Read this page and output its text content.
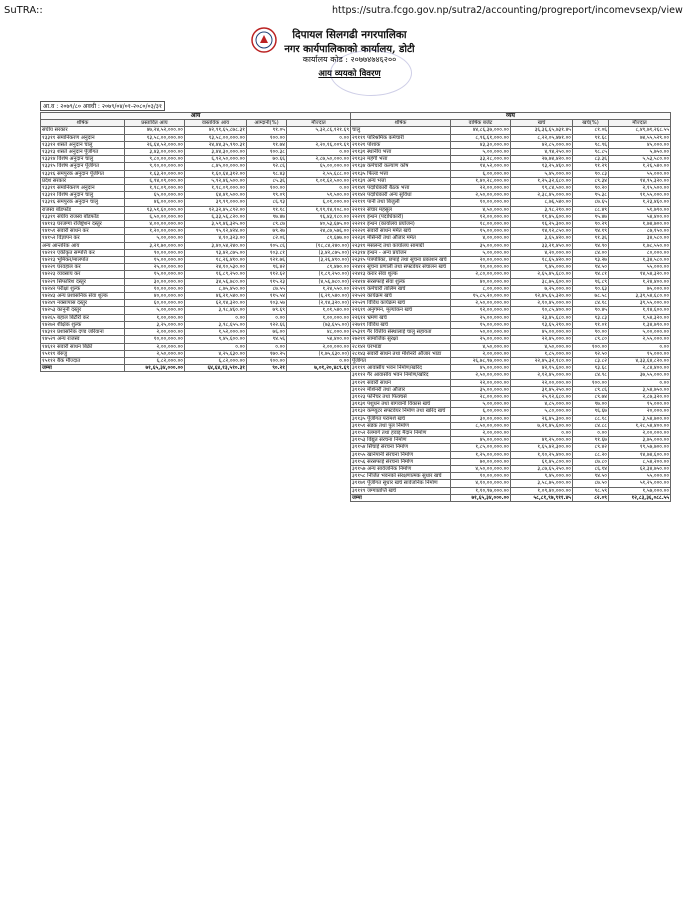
SuTRA::	https://sutra.fcgo.gov.np/sutra2/accounting/progreport/incomevsexp/view
दिपायल सिलगढी नगरपालिका
नगर कार्यपालिकाको कार्यालय, डोटी
कार्यालय कोड : २०७७४७४६२००
आय व्ययको विवरण
आ.व : २०७९/८० अवधी : २०७९/०४/०१-२०८०/०३/३१
आय				
शीर्षक	प्रस्तावित आय	वास्तविक आय	आम्दानी(%)	मौज्दात
संघीय सरकार	४७,२४,५२,०००.००	४२,९१,६५,८७८.३१	९१.०५	५,३२,८६,१२१.६९
१३३११ समानिकरण अनुदान	१३,५८,००,०००.००	१३,५८,००,०००.००	१००.००	०.००
१३३१२ शसर्त अनुदान चालु	२६,६४,५२,०००.००	२४,४४,३५,९९०.३१	९१.७४	२,२०,१६,००९.६९
१३३१३ शसर्त अनुदान पूँजीगत	३,४३,००,०००.००	३,४४,३०,०००.००	१००.३८	०.००
१३३१४ विशेष अनुदान चालु	९,८०,००,०००.००	६,९२,५०,०००.००	७०.६६	२,८७,५०,०००.००
१३३१५ विशेष अनुदान पूँजीगत	९,१०,००,०००.००	८,४५,००,०००.००	९२.८६	६५,००,०००.००
१३३१६ समपुरक अनुदान पूँजीगत	१,६३,२०,०००.००	१,६०,६४,३१२.००	९८.४३	२,५५,६८८.००
प्रदेश सरकार	६,९४,०९,०००.००	५,९२,४६,५००.००	८५.३६	१,०१,६२,५००.००
१३३११ समानिकरण अनुदान	१,९८,०९,०००.००	१,९८,०९,०००.००	१००.००	०.००
१३३१२ विशेष अनुदान चालु	६५,००,०००.००	६४,४१,५००.००	९९.०९	५९,५००.००
१३३१६ समपुरक अनुदान चालु	४६,००,०००.००	३९,९९,०००.००	८६.९३	६,०१,०००.००
राजस्व बाँडफाँड	१३,५१,६०,०००.००	१२,३२,४५,८९२.००	९१.१८	१,१९,१४,१०८.००
१३३११ संघीय राजस्व बाँडफाँड	६,५०,००,०००.००	६,३३,५६,८२०.००	९७.४७	१६,४३,१८०.००
१४११३ घरजग्गा रजिष्ट्रेशन दस्तुर	४,००,००,०००.००	३,५९,४६,३२५.००	८९.८७	४०,५३,६७५.००
१४१५१ सवारी साधन कर	१,२०,००,०००.००	९५,१२,४२४.००	७९.२७	२४,८७,५७६.००
१४१५२ विज्ञापन कर	५,००,०००.००	४,१०,३२३.००	८२.०६	८९,६७७.००
अन्य आन्तरिक आय	३,२१,७०,०००.००	३,४०,५४,२४०.००	१०५.८६	(१८,८४,२४०.००)
१४२१२ एकीकृत सम्पत्ति कर	९०,००,०००.००	९३,४२,८७५.००	१०३.८१	(३,४२,८७५.००)
१४२१३ भूमिकर/मालपोत	१५,००,०००.००	१८,२६,४१०.००	१२१.७६	(३,२६,४१०.००)
१४२२१ घरवहाल कर	२५,००,०००.००	२४,१०,५३०.००	९६.४२	८९,४७०.००
१४२२३ व्यवसाय कर	१५,००,०००.००	१६,८९,२५०.००	११२.६२	(१,८९,२५०.००)
१४२२९ सिफारिश दस्तुर	३०,००,०००.००	३४,५६,७८०.००	११५.२३	(४,५६,७८०.००)
१४२४२ परीक्षा शुल्क	१०,००,०००.००	८,७५,४५०.००	८७.५५	१,२४,५५०.००
१४२४३ अन्य प्रशासनिक सेवा शुल्क	४०,००,०००.००	४६,२१,५४०.००	११५.५४	(६,२१,५४०.००)
१४२४९ नक्सापास दस्तुर	६०,००,०००.००	६२,१४,३२०.००	१०३.५७	(२,१४,३२०.००)
१४२५३ कानुनी दस्तुर	५,००,०००.००	३,९८,४६०.००	७९.६९	१,०१,५४०.००
१४२६५ बहाल बिटौरी कर	१,००,०००.००	०.००	०.००	१,००,०००.००
१४२७२ शैक्षिक शुल्क	३,२५,०००.००	३,९८,६५५.००	१२२.६६	(७३,६५५.००)
१४३१२ प्रशासनिक दण्ड जरिवाना	२,००,०००.००	१,५२,०००.००	७६.००	४८,०००.००
१४५२९ अन्य राजस्व	१०,००,०००.००	९,४५,६००.००	९४.५६	५४,४००.००
१४६१२ सवारी साधन बिक्री	२,००,०००.००	०.००	०.००	२,००,०००.००
१५१११ बेरुजु	२,५०,०००.००	४,२५,६३०.००	१७०.२५	(१,७५,६३०.००)
१५११२ बैंक मौज्दात	६,८२,०००.००	६,८२,०००.००	१००.००	०.००
जम्मा	७१,६५,३४,०००.००	६४,६४,१३,५१०.३१	९०.२१	७,०१,२०,४८९.६९
व्यय				
शीर्षक	वार्षिक बजेट	खर्च	खर्च(%)	मौज्दात
चालु	४४,८६,३७,०००.००	३६,३६,६५,७३१.४५	८१.०६	८,४९,७१,२६८.५५
२११११ पारिश्रमिक कर्मचारी	८,९६,६१,०००.००	८,२२,०५,४७१.००	९१.६८	७४,५५,५२९.००
२११२१ पोशाक	४३,३०,०००.००	४२,८५,०००.००	९८.९६	४५,०००.००
२११३१ स्थानीय भत्ता	५,००,०००.००	४,९४,२५०.००	९८.८५	५,७५०.००
२११३२ महंगी भत्ता	३३,२८,०००.००	२७,७४,४२०.००	८३.३६	५,५३,५८०.००
२११३४ कर्मचारी कल्याण कोष	१४,५२,०००.००	१३,२५,४६०.००	९१.२९	१,२६,५४०.००
२११३५ फिल्ड भत्ता	६,००,०००.००	५,४५,०००.००	९०.८३	५५,०००.००
२११३९ अन्य भत्ता	१,४०,२८,०००.००	१,२५,३२,६८०.००	८९.३४	१४,९५,३२०.००
२११४१ पदाधिकारी बैठक भत्ता	२२,००,०००.००	१९,८४,५००.००	९०.२०	२,१५,५००.००
२११४२ पदाधिकारी अन्य सुविधा	२,५०,००,०००.००	२,३८,४५,०००.००	९५.३८	११,५५,०००.००
२२१११ पानी तथा बिजुली	१०,००,०००.००	८,७६,५४०.००	८७.६५	१,२३,४६०.००
२२११२ संचार महसुल	४,५०,०००.००	३,९८,२१०.००	८८.४९	५१,७९०.००
२२२११ इन्धन (पदाधिकारी)	१२,००,०००.००	११,४५,६००.००	९५.४७	५४,४००.००
२२२१२ इन्धन (कार्यालय प्रयोजन)	१८,००,०००.००	१६,२५,३००.००	९०.२९	१,७४,७००.००
२२२२१ सवारी साधन मर्मत खर्च	१५,००,०००.००	१४,१२,८५०.००	९४.१९	८७,१५०.००
२२२३१ मेसिनरी तथा औजार मर्मत	४,००,०००.००	३,६५,४२०.००	९१.३६	३४,५८०.००
२२३११ मसलन्द तथा कार्यालय सामाग्री	३५,००,०००.००	३३,२१,४५०.००	९४.९०	१,७८,५५०.००
२२३१४ इन्धन - अन्य प्रयोजन	५,००,०००.००	४,२०,०००.००	८४.००	८०,०००.००
२२३१५ पत्रपत्रिका, छपाई तथा सूचना प्रकाशन खर्च	२०,००,०००.००	१८,६५,४२०.००	९३.२७	१,३४,५८०.००
२२४१२ सूचना प्रणाली तथा सफ्टवेयर संचालन खर्च	१०,००,०००.००	९,४५,०००.००	९४.५०	५५,०००.००
२२४१३ करार सेवा शुल्क	२,८०,००,०००.००	२,६५,४५,६८०.००	९४.८१	१४,५४,३२०.००
२२४१४ सरसफाई सेवा शुल्क	४०,००,०००.००	३८,७५,६००.००	९६.८९	१,२४,४००.००
२२५११ कर्मचारी तालिम खर्च	८,००,०००.००	७,२५,०००.००	९०.६३	७५,०००.००
२२५२२ कार्यक्रम खर्च	१५,८५,२०,०००.००	१२,४५,६५,३२०.००	७८.५८	३,३९,५४,६८०.००
२२५२९ विविध कार्यक्रम खर्च	२,५०,००,०००.००	२,१०,४५,०००.००	८४.१८	३९,५५,०००.००
२२६११ अनुगमन, मूल्यांकन खर्च	१२,००,०००.००	१०,८५,४००.००	९०.४५	१,१४,६००.००
२२६१२ भ्रमण खर्च	२५,००,०००.००	२३,४५,६८०.००	९३.८३	१,५४,३२०.००
२२७११ विविध खर्च	१५,००,०००.००	१३,६५,२१०.००	९१.०१	१,३४,७९०.००
२५३११ गैर वित्तीय संस्थालाई चालु सहायता	५०,००,०००.००	४५,००,०००.००	९०.००	५,००,०००.००
२७२११ सामाजिक सुरक्षा	२५,००,०००.००	२२,४५,०००.००	८९.८०	२,५५,०००.००
२८१४२ घरभाडा	४,५०,०००.००	४,५०,०००.००	१००.००	०.००
२८१४३ सवारी साधन तथा मेशिनरी औजार भाडा	२,००,०००.००	१,८५,०००.००	९२.५०	१५,०००.००
पूँजीगत	२६,७८,९७,०००.००	२२,४५,३२,१८०.००	८३.८२	४,३३,६४,८२०.००
३११११ आवासीय भवन निर्माण/खरिद	४५,००,०००.००	४२,१५,६००.००	९३.६८	२,८४,४००.००
३१११२ गैर आवासीय भवन निर्माण/खरिद	२,५०,००,०००.००	२,१२,४५,०००.००	८४.९८	३७,५५,०००.००
३११२१ सवारी साधन	२२,००,०००.००	२२,००,०००.००	१००.००	०.००
३११२२ मेशिनरी तथा औजार	३५,००,०००.००	३१,४५,२५०.००	८९.८६	३,५४,७५०.००
३११२३ फर्निचर तथा फिक्चर्स	२८,००,०००.००	२५,१२,६८०.००	८९.७४	२,८७,३२०.००
३११३१ पशुधन तथा बागवानी विकास खर्च	५,००,०००.००	४,८५,०००.००	९७.००	१५,०००.००
३११३२ कम्प्युटर सफ्टवेयर निर्माण तथा खरिद खर्च	६,००,०००.००	५,८०,०००.००	९६.६७	२०,०००.००
३११३५ पूँजीगत परामर्श खर्च	३०,००,०००.००	२६,४५,३००.००	८८.१८	३,५४,७००.००
३११५१ सडक तथा पुल निर्माण	८,५०,००,०००.००	७,२१,४५,६००.००	८४.८८	१,२८,५४,४००.००
३११५२ रेलमार्ग तथा हवाइ मैदान निर्माण	२,००,०००.००	०.००	०.००	२,००,०००.००
३११५३ विद्युत संरचना निर्माण	४५,००,०००.००	४१,२५,०००.००	९१.६७	३,७५,०००.००
३११५४ सिंचाई संरचना निर्माण	१,८५,००,०००.००	१,६५,४२,३००.००	८९.४२	१९,५७,७००.००
३११५५ खानेपानी संरचना निर्माण	१,२५,००,०००.००	१,१०,२५,४००.००	८८.२०	१४,७४,६००.००
३११५६ सरसफाई संरचना निर्माण	७०,००,०००.००	६१,४५,८००.००	८७.८०	८,५४,२००.००
३११५७ अन्य सार्वजनिक निर्माण	४,५०,००,०००.००	३,८७,६५,२५०.००	८६.१४	६२,३४,७५०.००
३११५८ निजित भवनको संरक्षणात्मक सुधार खर्च	१०,००,०००.००	९,४५,०००.००	९४.५०	५५,०००.००
३११७१ पूँजीगत सुधार खर्च सार्वजनिक निर्माण	४,१०,००,०००.००	३,५८,७५,०००.००	८७.५०	५१,२५,०००.००
३१११९ जग्गाप्राप्ति खर्च	१,१०,९७,०००.००	१,०९,४०,०००.००	९८.५९	१,५७,०००.००
जम्मा	७१,६५,३४,०००.००	५८,८१,९७,९११.४५	८२.०९	१२,८३,३६,०८८.५५
